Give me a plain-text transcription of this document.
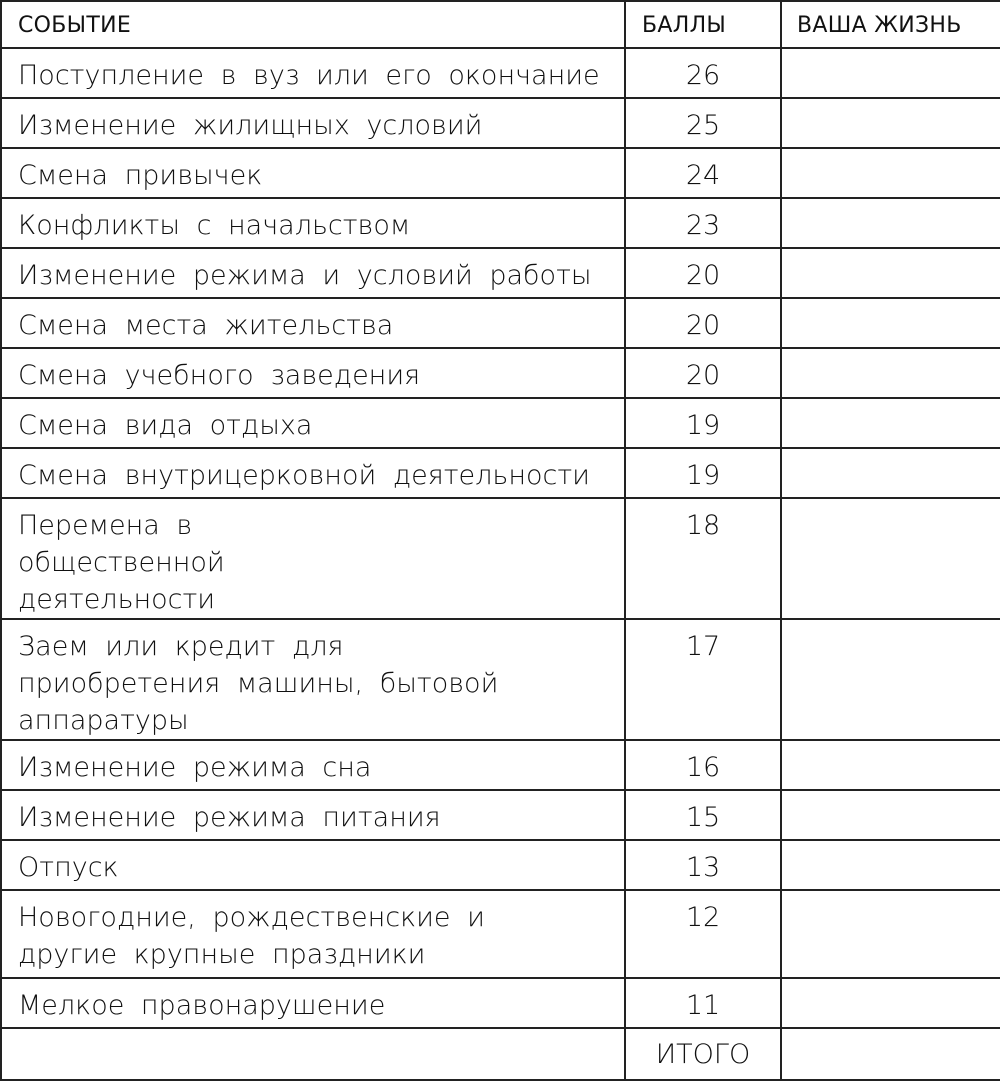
СОБЫТИЕ	БАЛЛЫ	ВАША ЖИЗНЬ
Поступление в вуз или его окончание	26	
Изменение жилищных условий	25	
Смена привычек	24	
Конфликты с начальством	23	
Изменение режима и условий работы	20	
Смена места жительства	20	
Смена учебного заведения	20	
Смена вида отдыха	19	
Смена внутрицерковной деятельности	19	
Перемена в общественной деятельности	18	
Заем или кредит для приобретения машины, бытовой аппаратуры	17	
Изменение режима сна	16	
Изменение режима питания	15	
Отпуск	13	
Новогодние, рождественские и другие крупные праздники	12	
Мелкое правонарушение	11	
	ИТОГО	
